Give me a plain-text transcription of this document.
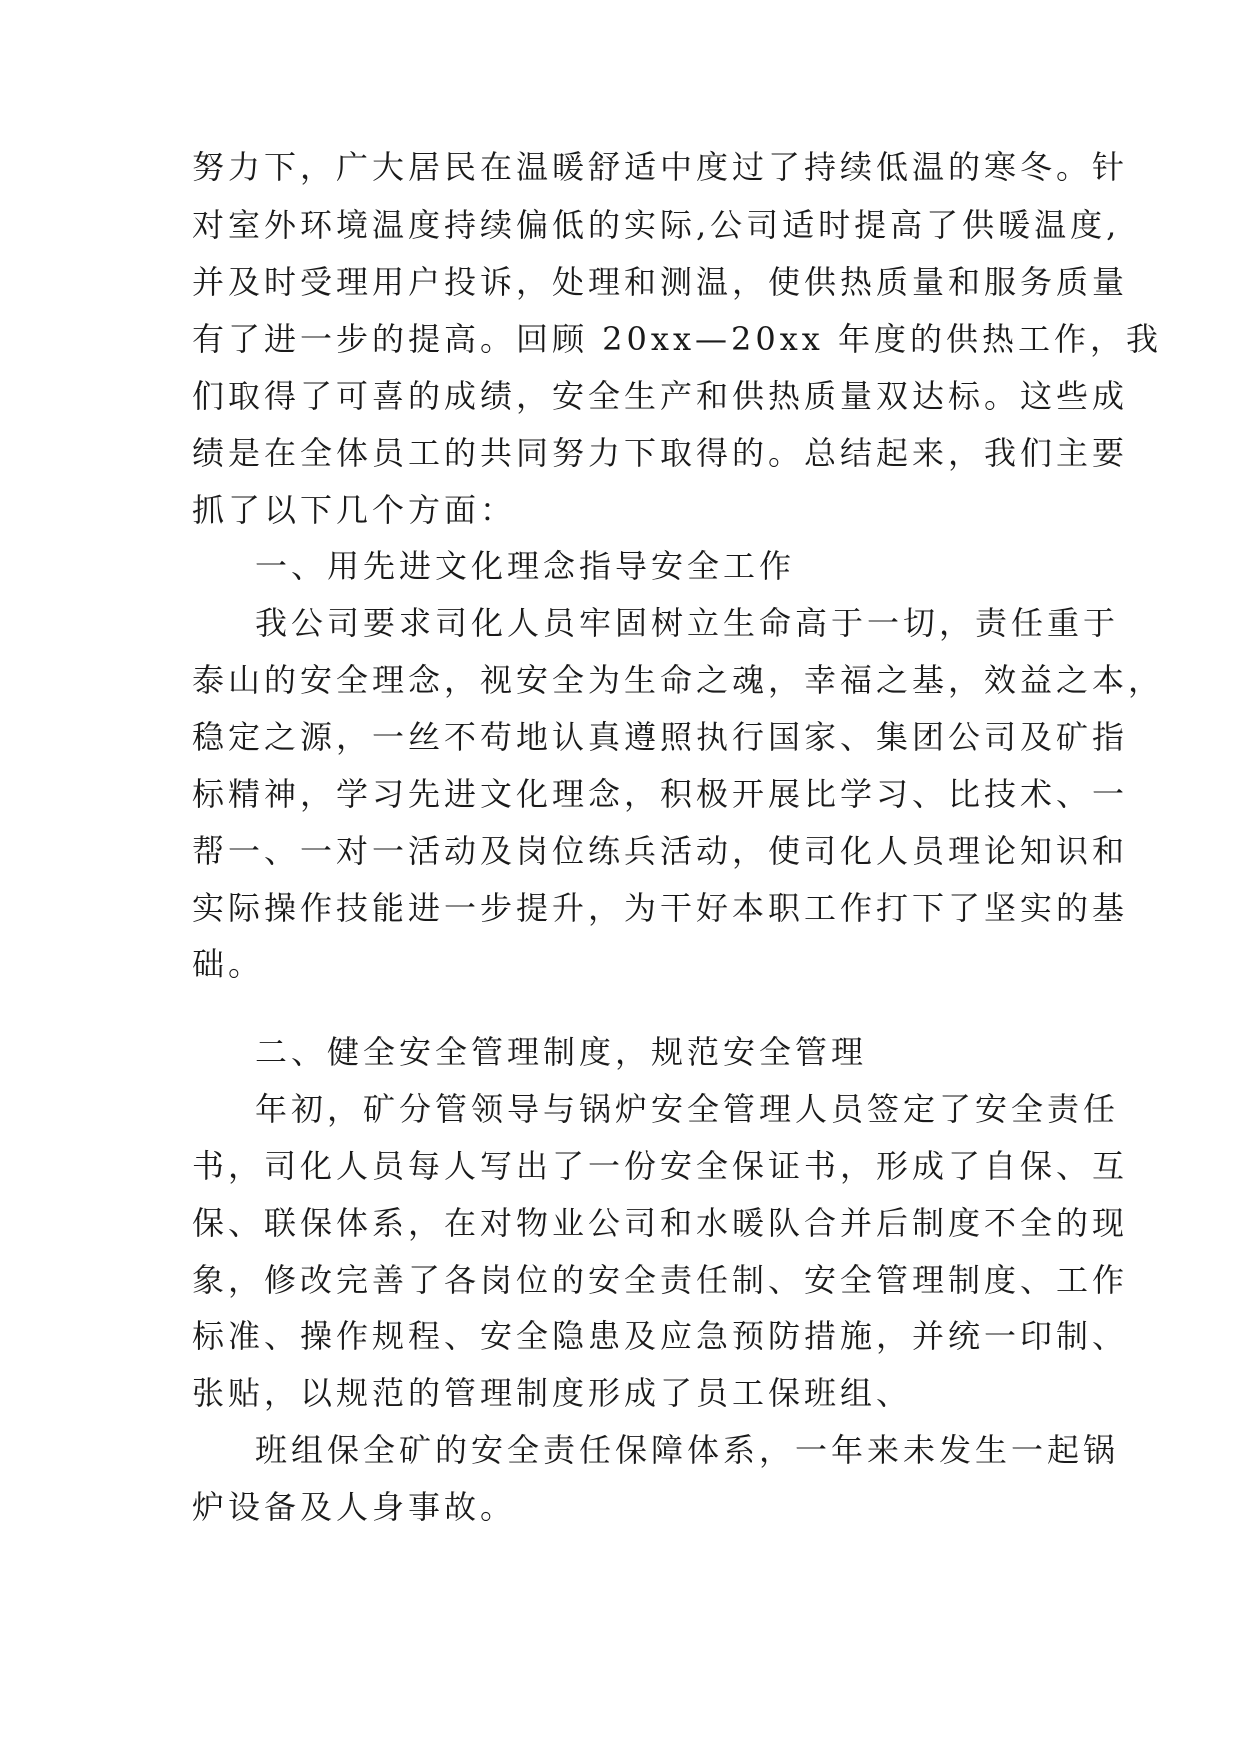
努力下，广大居民在温暖舒适中度过了持续低温的寒冬。针
对室外环境温度持续偏低的实际,公司适时提高了供暖温度,
并及时受理用户投诉，处理和测温，使供热质量和服务质量
有了进一步的提高。回顾 20xx—20xx 年度的供热工作，我
们取得了可喜的成绩，安全生产和供热质量双达标。这些成
绩是在全体员工的共同努力下取得的。总结起来，我们主要
抓了以下几个方面：
一、用先进文化理念指导安全工作
我公司要求司化人员牢固树立生命高于一切，责任重于
泰山的安全理念，视安全为生命之魂，幸福之基，效益之本，
稳定之源，一丝不苟地认真遵照执行国家、集团公司及矿指
标精神，学习先进文化理念，积极开展比学习、比技术、一
帮一、一对一活动及岗位练兵活动，使司化人员理论知识和
实际操作技能进一步提升，为干好本职工作打下了坚实的基
础。
二、健全安全管理制度，规范安全管理
年初，矿分管领导与锅炉安全管理人员签定了安全责任
书，司化人员每人写出了一份安全保证书，形成了自保、互
保、联保体系，在对物业公司和水暖队合并后制度不全的现
象，修改完善了各岗位的安全责任制、安全管理制度、工作
标准、操作规程、安全隐患及应急预防措施，并统一印制、
张贴，以规范的管理制度形成了员工保班组、
班组保全矿的安全责任保障体系，一年来未发生一起锅
炉设备及人身事故。
